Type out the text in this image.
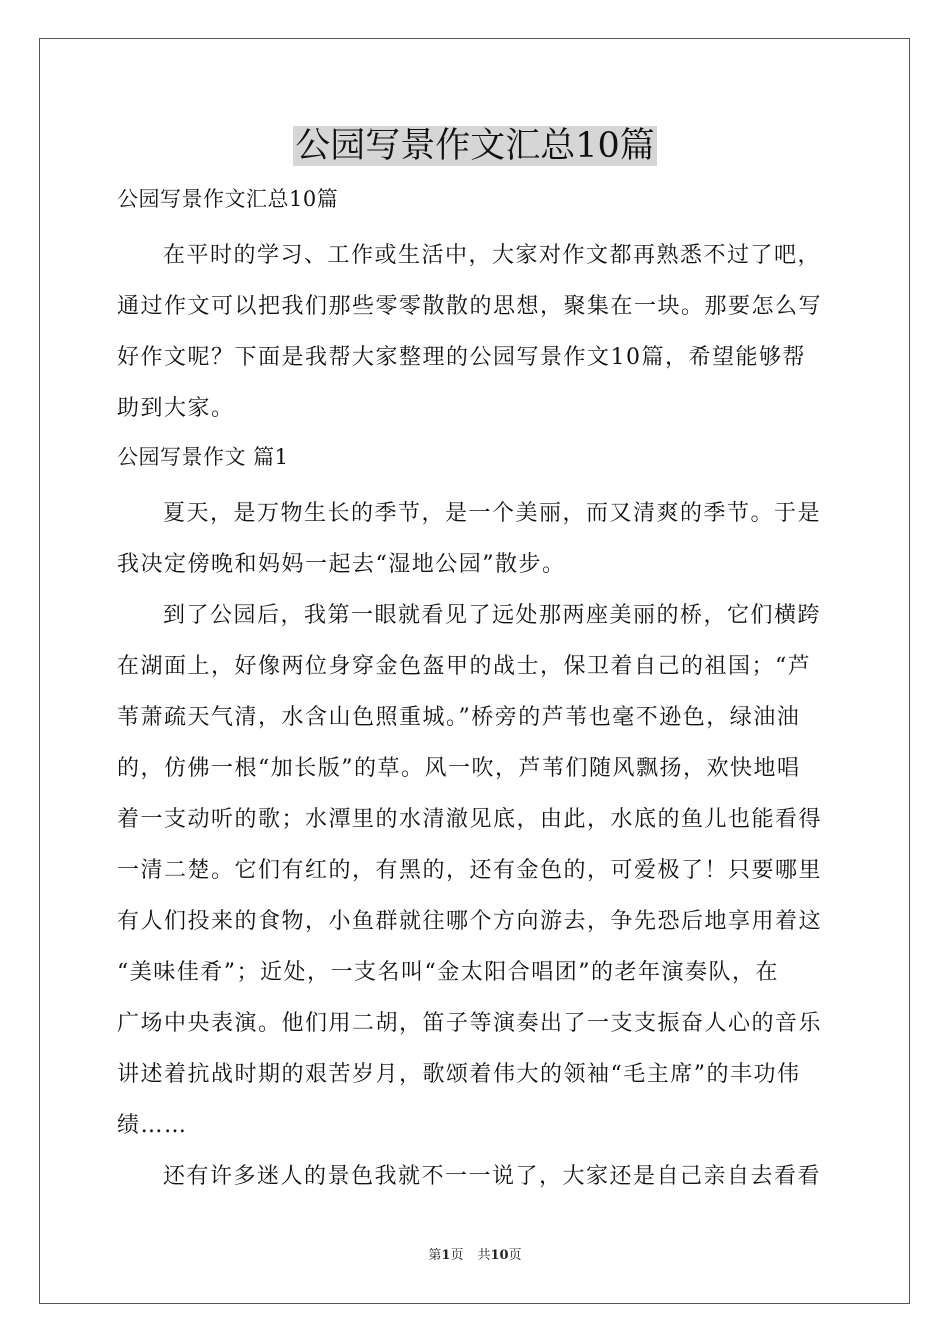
公园写景作文汇总10篇

公园写景作文汇总10篇

在平时的学习、工作或生活中，大家对作文都再熟悉不过了吧，

通过作文可以把我们那些零零散散的思想，聚集在一块。那要怎么写

好作文呢？下面是我帮大家整理的公园写景作文10篇，希望能够帮

助到大家。

公园写景作文 篇1

夏天，是万物生长的季节，是一个美丽，而又清爽的季节。于是

我决定傍晚和妈妈一起去“湿地公园”散步。

到了公园后，我第一眼就看见了远处那两座美丽的桥，它们横跨

在湖面上，好像两位身穿金色盔甲的战士，保卫着自己的祖国；“芦

苇萧疏天气清，水含山色照重城。”桥旁的芦苇也毫不逊色，绿油油

的，仿佛一根“加长版”的草。风一吹，芦苇们随风飘扬，欢快地唱

着一支动听的歌；水潭里的水清澈见底，由此，水底的鱼儿也能看得

一清二楚。它们有红的，有黑的，还有金色的，可爱极了！只要哪里

有人们投来的食物，小鱼群就往哪个方向游去，争先恐后地享用着这

“美味佳肴”；近处，一支名叫“金太阳合唱团”的老年演奏队，在

广场中央表演。他们用二胡，笛子等演奏出了一支支振奋人心的音乐

讲述着抗战时期的艰苦岁月，歌颂着伟大的领袖“毛主席”的丰功伟

绩……

还有许多迷人的景色我就不一一说了，大家还是自己亲自去看看

第1页 共10页
